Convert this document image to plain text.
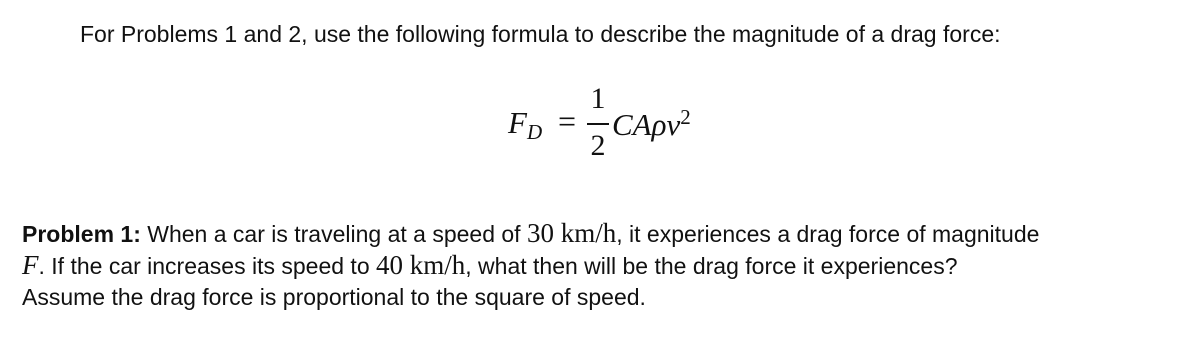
For Problems 1 and 2, use the following formula to describe the magnitude of a drag force:
$F_D$ =
1
2
CAρv$^2$
Problem 1: When a car is traveling at a speed of 30 km/h, it experiences a drag force of magnitude
F. If the car increases its speed to 40 km/h, what then will be the drag force it experiences?
Assume the drag force is proportional to the square of speed.
